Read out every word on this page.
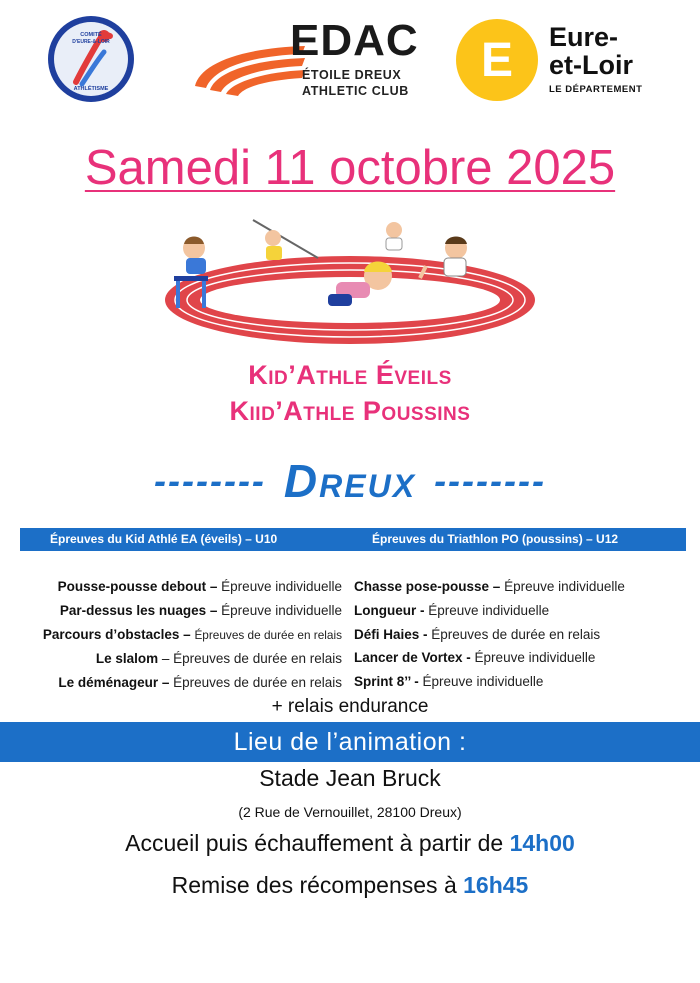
COMITÉ
D'EURE-&-LOIR
ATHLÉTISME
EDAC
ÉTOILE DREUX
ATHLETIC CLUB
E Eure-
et-Loir
LE DÉPARTEMENT
Samedi 11 octobre 2025
Kid’Athle Éveils
Kiid’Athle Poussins
-------- Dreux --------
Épreuves du Kid Athlé EA (éveils) – U10	Épreuves du Triathlon PO (poussins) – U12
Pousse-pousse debout – Épreuve individuelle
Par-dessus les nuages – Épreuve individuelle
Parcours d’obstacles – Épreuves de durée en relais
Le slalom – Épreuves de durée en relais
Le déménageur – Épreuves de durée en relais
Chasse pose-pousse – Épreuve individuelle
Longueur - Épreuve individuelle
Défi Haies - Épreuves de durée en relais
Lancer de Vortex - Épreuve individuelle
Sprint 8’’ - Épreuve individuelle
+ relais endurance
Lieu de l’animation :
Stade Jean Bruck
(2 Rue de Vernouillet, 28100 Dreux)
Accueil puis échauffement à partir de 14h00
Remise des récompenses à 16h45
